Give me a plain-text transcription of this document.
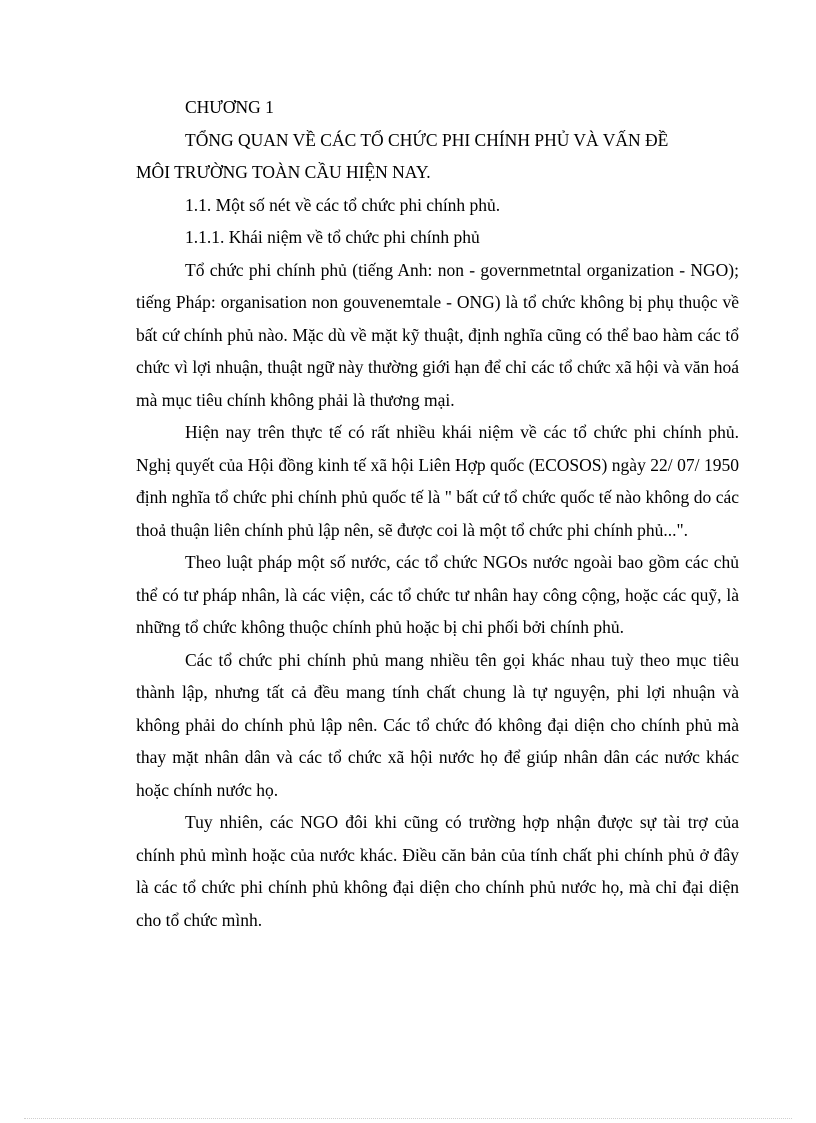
CHƯƠNG 1

TỔNG QUAN VỀ CÁC TỔ CHỨC PHI CHÍNH PHỦ VÀ VẤN ĐỀ

MÔI TRƯỜNG TOÀN CẦU HIỆN NAY.

1.1. Một số nét về các tổ chức phi chính phủ.

1.1.1. Khái niệm về tổ chức phi chính phủ

Tổ chức phi chính phủ (tiếng Anh: non - governmetntal organization - NGO); tiếng Pháp: organisation non gouvenemtale - ONG) là tổ chức không bị phụ thuộc về bất cứ chính phủ nào. Mặc dù về mặt kỹ thuật, định nghĩa cũng có thể bao hàm các tổ chức vì lợi nhuận, thuật ngữ này thường giới hạn để chỉ các tổ chức xã hội và văn hoá mà mục tiêu chính không phải là thương mại.

Hiện nay trên thực tế có rất nhiều khái niệm về các tổ chức phi chính phủ. Nghị quyết của Hội đồng kinh tế xã hội Liên Hợp quốc (ECOSOS) ngày 22/ 07/ 1950 định nghĩa tổ chức phi chính phủ quốc tế là " bất cứ tổ chức quốc tế nào không do các thoả thuận liên chính phủ lập nên, sẽ được coi là một tổ chức phi chính phủ...".

Theo luật pháp một số nước, các tổ chức NGOs nước ngoài bao gồm các chủ thể có tư pháp nhân, là các viện, các tổ chức tư nhân hay công cộng, hoặc các quỹ, là những tổ chức không thuộc chính phủ hoặc bị chi phối bởi chính phủ.

Các tổ chức phi chính phủ mang nhiều tên gọi khác nhau tuỳ theo mục tiêu thành lập, nhưng tất cả đều mang tính chất chung là tự nguyện, phi lợi nhuận và không phải do chính phủ lập nên. Các tổ chức đó không đại diện cho chính phủ mà thay mặt nhân dân và các tổ chức xã hội nước họ để giúp nhân dân các nước khác hoặc chính nước họ.

Tuy nhiên, các NGO đôi khi cũng có trường hợp nhận được sự tài trợ của chính phủ mình hoặc của nước khác. Điều căn bản của tính chất phi chính phủ ở đây là các tổ chức phi chính phủ không đại diện cho chính phủ nước họ, mà chỉ đại diện cho tổ chức mình.
